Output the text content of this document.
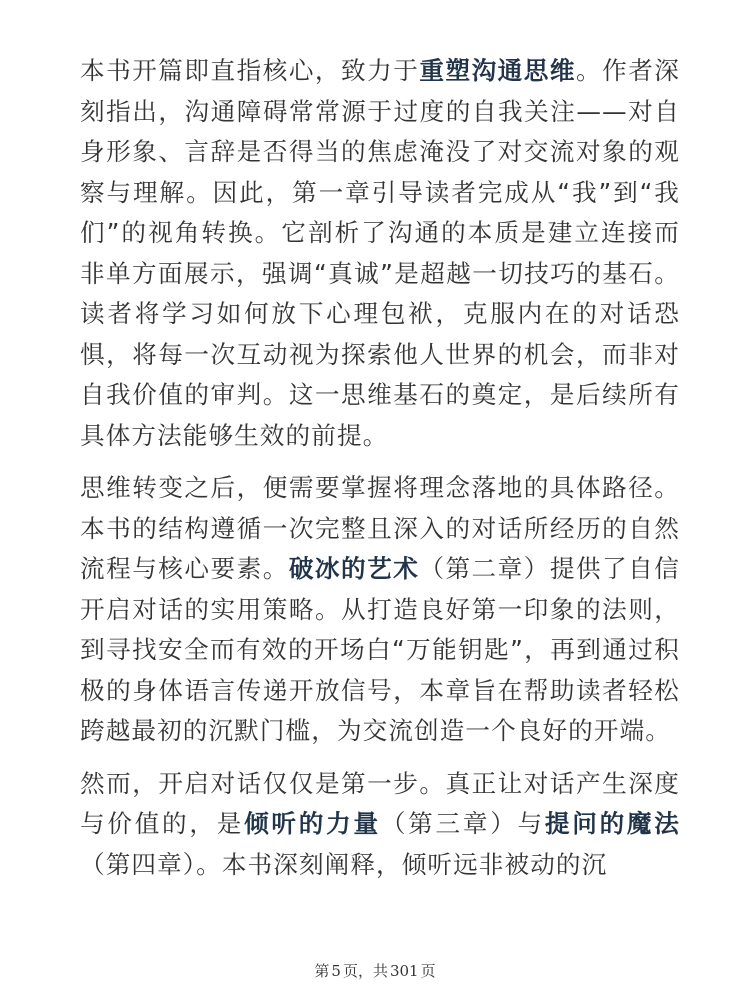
本书开篇即直指核心，致力于重塑沟通思维。作者深刻指出，沟通障碍常常源于过度的自我关注——对自身形象、言辞是否得当的焦虑淹没了对交流对象的观察与理解。因此，第一章引导读者完成从“我”到“我们”的视角转换。它剖析了沟通的本质是建立连接而非单方面展示，强调“真诚”是超越一切技巧的基石。读者将学习如何放下心理包袱，克服内在的对话恐惧，将每一次互动视为探索他人世界的机会，而非对自我价值的审判。这一思维基石的奠定，是后续所有具体方法能够生效的前提。

思维转变之后，便需要掌握将理念落地的具体路径。本书的结构遵循一次完整且深入的对话所经历的自然流程与核心要素。破冰的艺术（第二章）提供了自信开启对话的实用策略。从打造良好第一印象的法则，到寻找安全而有效的开场白“万能钥匙”，再到通过积极的身体语言传递开放信号，本章旨在帮助读者轻松跨越最初的沉默门槛，为交流创造一个良好的开端。

然而，开启对话仅仅是第一步。真正让对话产生深度与价值的，是倾听的力量（第三章）与提问的魔法（第四章）。本书深刻阐释，倾听远非被动的沉

第 5 页，共 301 页
